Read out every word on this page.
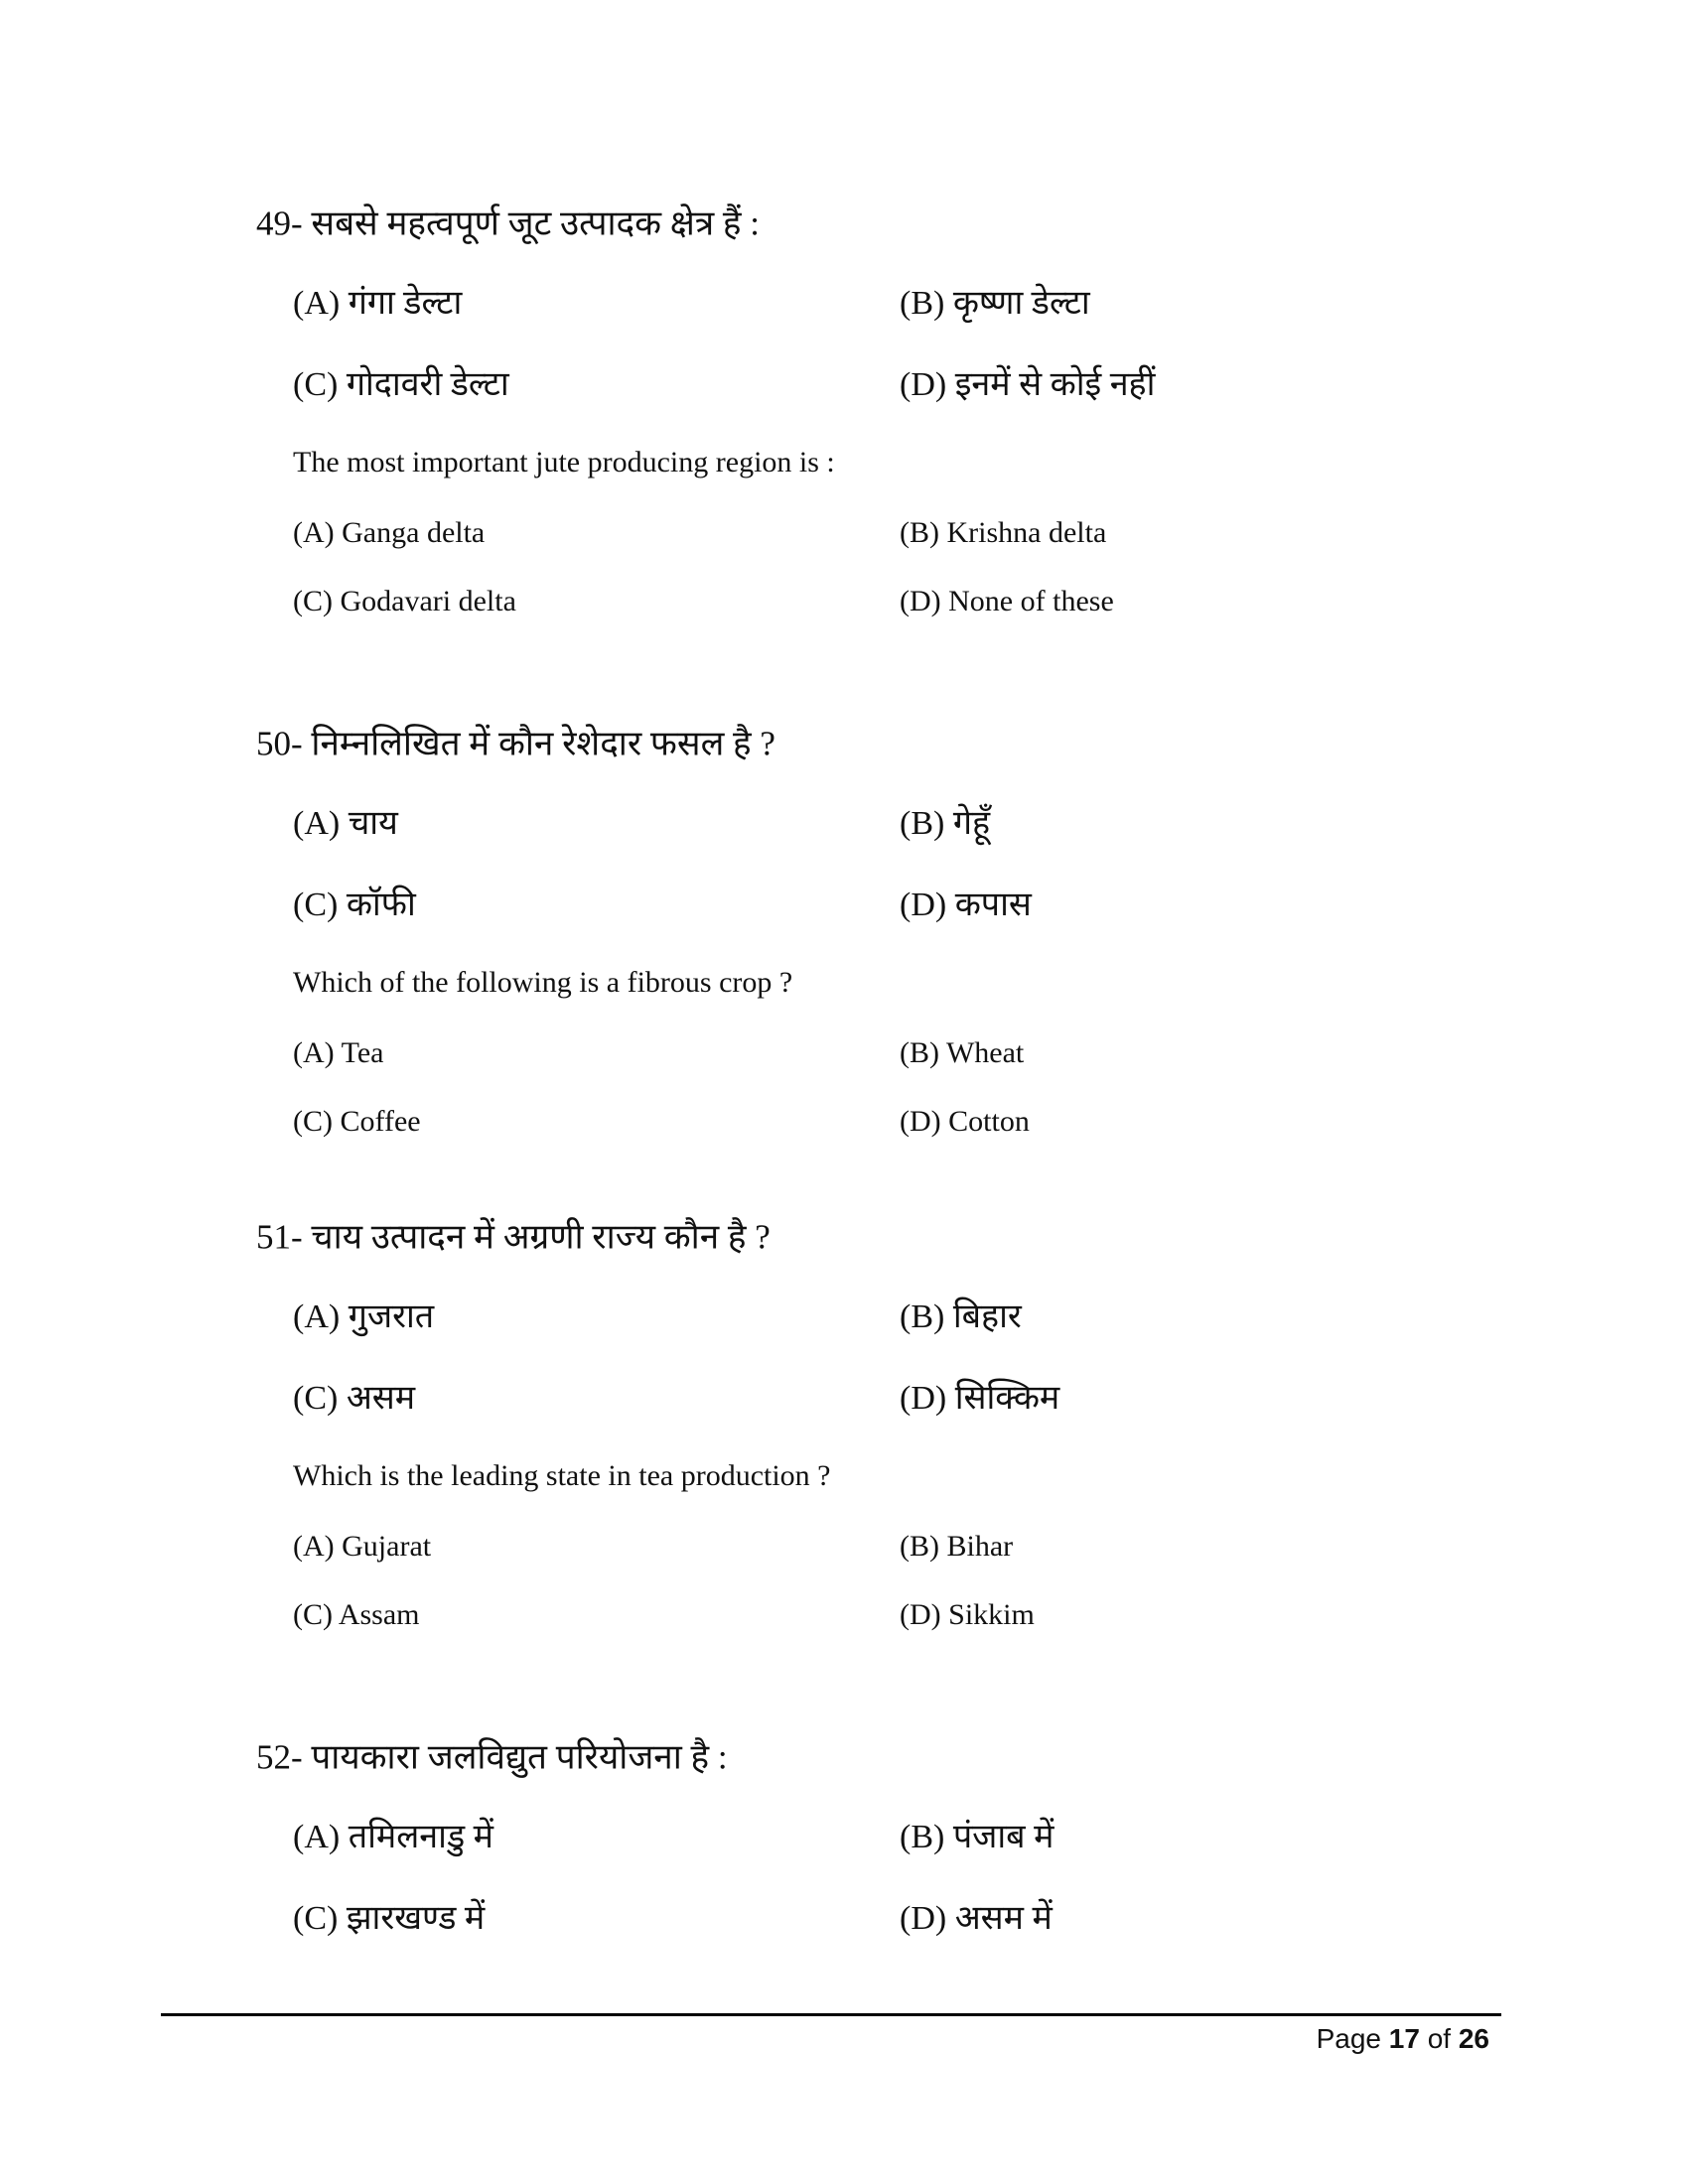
49- सबसे महत्वपूर्ण जूट उत्पादक क्षेत्र हैं :
(A) गंगा डेल्टा	(B) कृष्णा डेल्टा
(C) गोदावरी डेल्टा	(D) इनमें से कोई नहीं
The most important jute producing region is :
(A) Ganga delta	(B) Krishna delta
(C) Godavari delta	(D) None of these
50- निम्नलिखित में कौन रेशेदार फसल है ?
(A) चाय	(B) गेहूँ
(C) कॉफी	(D) कपास
Which of the following is a fibrous crop ?
(A) Tea	(B) Wheat
(C) Coffee	(D) Cotton
51- चाय उत्पादन में अग्रणी राज्य कौन है ?
(A) गुजरात	(B) बिहार
(C) असम	(D) सिक्किम
Which is the leading state in tea production ?
(A) Gujarat	(B) Bihar
(C) Assam	(D) Sikkim
52- पायकारा जलविद्युत परियोजना है :
(A) तमिलनाडु में	(B) पंजाब में
(C) झारखण्ड में	(D) असम में
Page 17 of 26
